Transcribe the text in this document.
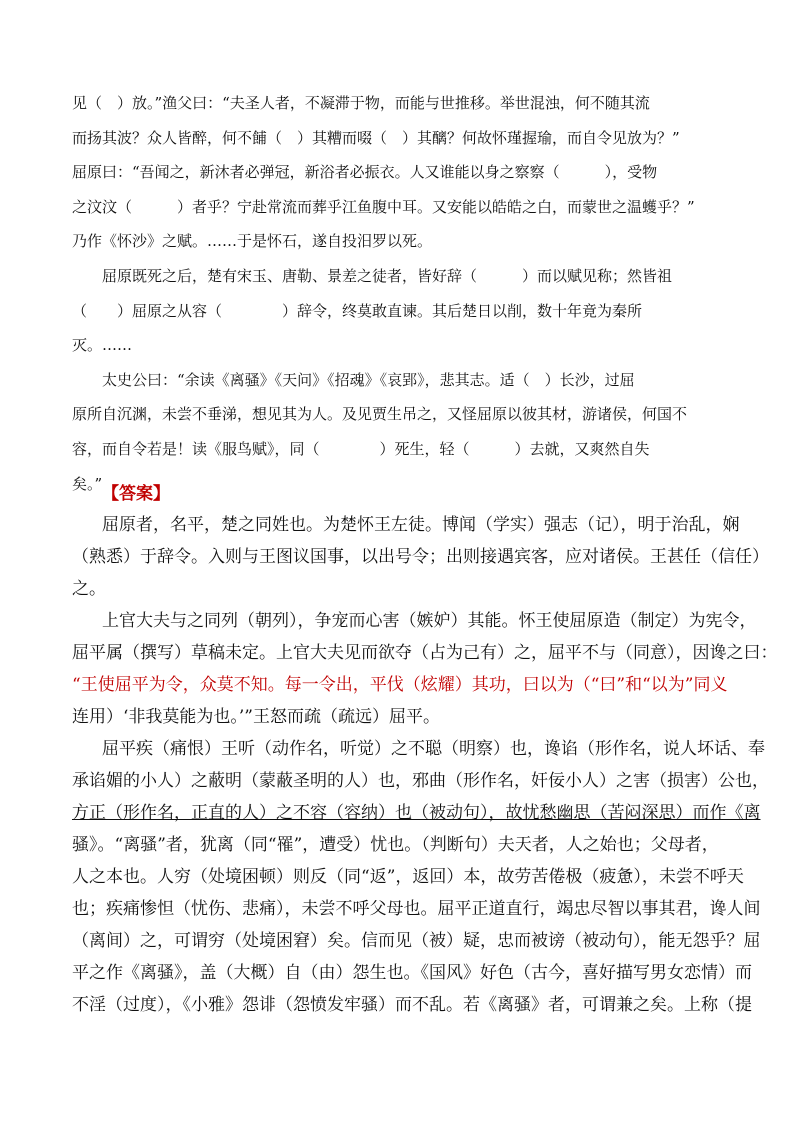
见（　）放。”渔父曰：“夫圣人者，不凝滞于物，而能与世推移。举世混浊，何不随其流
而扬其波？众人皆醉，何不餔（　）其糟而啜（　）其醨？何故怀瑾握瑜，而自令见放为？”
屈原曰：“吾闻之，新沐者必弹冠，新浴者必振衣。人又谁能以身之察察（　　　），受物
之汶汶（　　　）者乎？宁赴常流而葬乎江鱼腹中耳。又安能以皓皓之白，而蒙世之温蠖乎？”
乃作《怀沙》之赋。……于是怀石，遂自投汨罗以死。
屈原既死之后，楚有宋玉、唐勒、景差之徒者，皆好辞（　　　）而以赋见称；然皆祖
（　　）屈原之从容（　　　　）辞令，终莫敢直谏。其后楚日以削，数十年竟为秦所
灭。……
太史公曰：“余读《离骚》《天问》《招魂》《哀郢》，悲其志。适（　）长沙，过屈
原所自沉渊，未尝不垂涕，想见其为人。及见贾生吊之，又怪屈原以彼其材，游诸侯，何国不
容，而自令若是！读《服鸟赋》，同（　　　　）死生，轻（　　　）去就，又爽然自失
矣。”
【答案】
屈原者，名平，楚之同姓也。为楚怀王左徒。博闻（学实）强志（记），明于治乱，娴
（熟悉）于辞令。入则与王图议国事，以出号令；出则接遇宾客，应对诸侯。王甚任（信任）
之。
上官大夫与之同列（朝列），争宠而心害（嫉妒）其能。怀王使屈原造（制定）为宪令，
屈平属（撰写）草稿未定。上官大夫见而欲夺（占为己有）之，屈平不与（同意），因谗之曰：
“王使屈平为令，众莫不知。每一令出，平伐（炫耀）其功，曰以为（“曰”和“以为”同义
连用）‘非我莫能为也。’”王怒而疏（疏远）屈平。
屈平疾（痛恨）王听（动作名，听觉）之不聪（明察）也，谗谄（形作名，说人坏话、奉
承谄媚的小人）之蔽明（蒙蔽圣明的人）也，邪曲（形作名，奸佞小人）之害（损害）公也，
方正（形作名，正直的人）之不容（容纳）也（被动句），故忧愁幽思（苦闷深思）而作《离
骚》。“离骚”者，犹离（同“罹”，遭受）忧也。（判断句）夫天者，人之始也；父母者，
人之本也。人穷（处境困顿）则反（同“返”，返回）本，故劳苦倦极（疲惫），未尝不呼天
也；疾痛惨怛（忧伤、悲痛），未尝不呼父母也。屈平正道直行，竭忠尽智以事其君，谗人间
（离间）之，可谓穷（处境困窘）矣。信而见（被）疑，忠而被谤（被动句），能无怨乎？屈
平之作《离骚》，盖（大概）自（由）怨生也。《国风》好色（古今，喜好描写男女恋情）而
不淫（过度），《小雅》怨诽（怨愤发牢骚）而不乱。若《离骚》者，可谓兼之矣。上称（提
